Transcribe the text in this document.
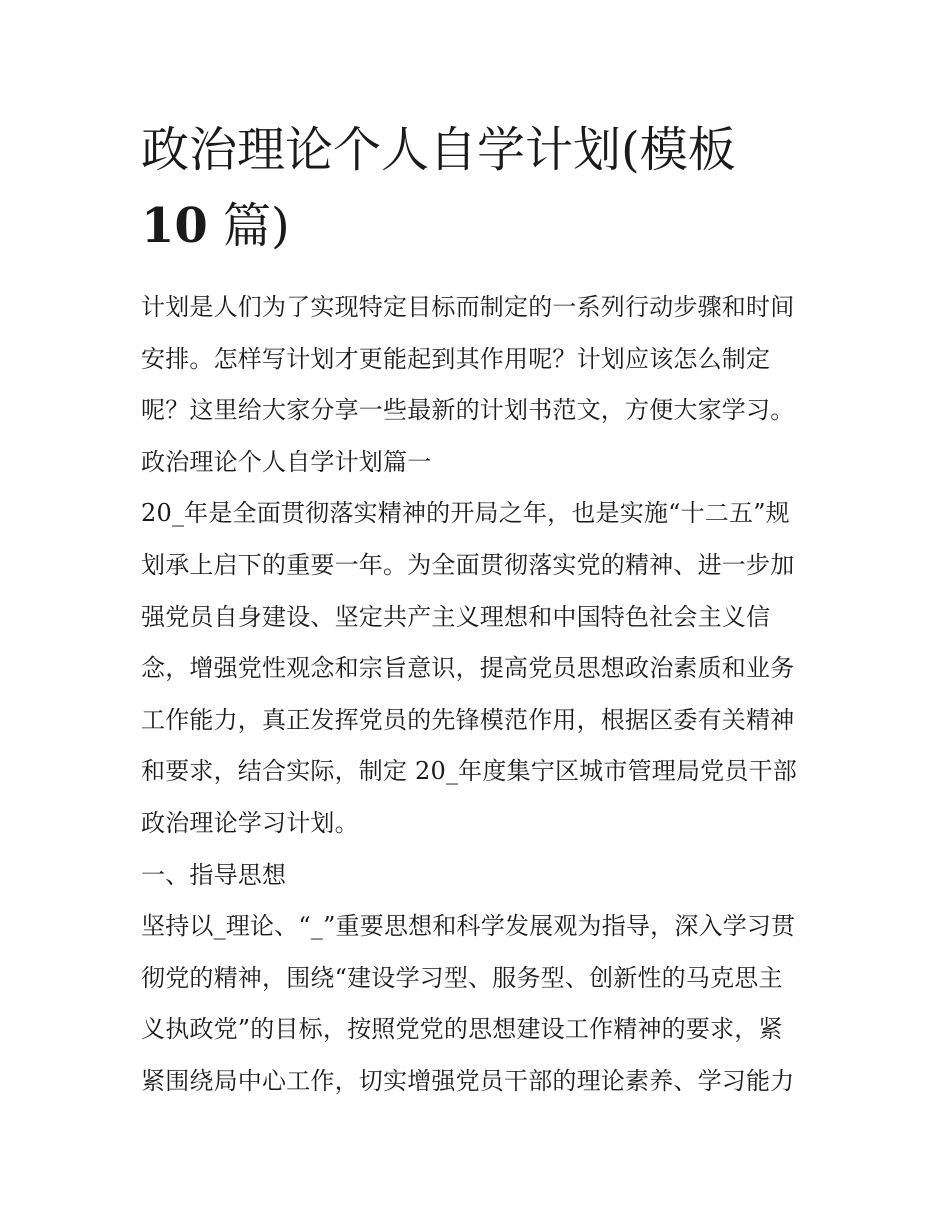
政治理论个人自学计划(模板
10 篇)
计划是人们为了实现特定目标而制定的一系列行动步骤和时间
安排。怎样写计划才更能起到其作用呢？计划应该怎么制定
呢？这里给大家分享一些最新的计划书范文，方便大家学习。
政治理论个人自学计划篇一
20_年是全面贯彻落实精神的开局之年，也是实施“十二五”规
划承上启下的重要一年。为全面贯彻落实党的精神、进一步加
强党员自身建设、坚定共产主义理想和中国特色社会主义信
念，增强党性观念和宗旨意识，提高党员思想政治素质和业务
工作能力，真正发挥党员的先锋模范作用，根据区委有关精神
和要求，结合实际，制定 20_年度集宁区城市管理局党员干部
政治理论学习计划。
一、指导思想
坚持以_理论、“_”重要思想和科学发展观为指导，深入学习贯
彻党的精神，围绕“建设学习型、服务型、创新性的马克思主
义执政党”的目标，按照党党的思想建设工作精神的要求，紧
紧围绕局中心工作，切实增强党员干部的理论素养、学习能力
